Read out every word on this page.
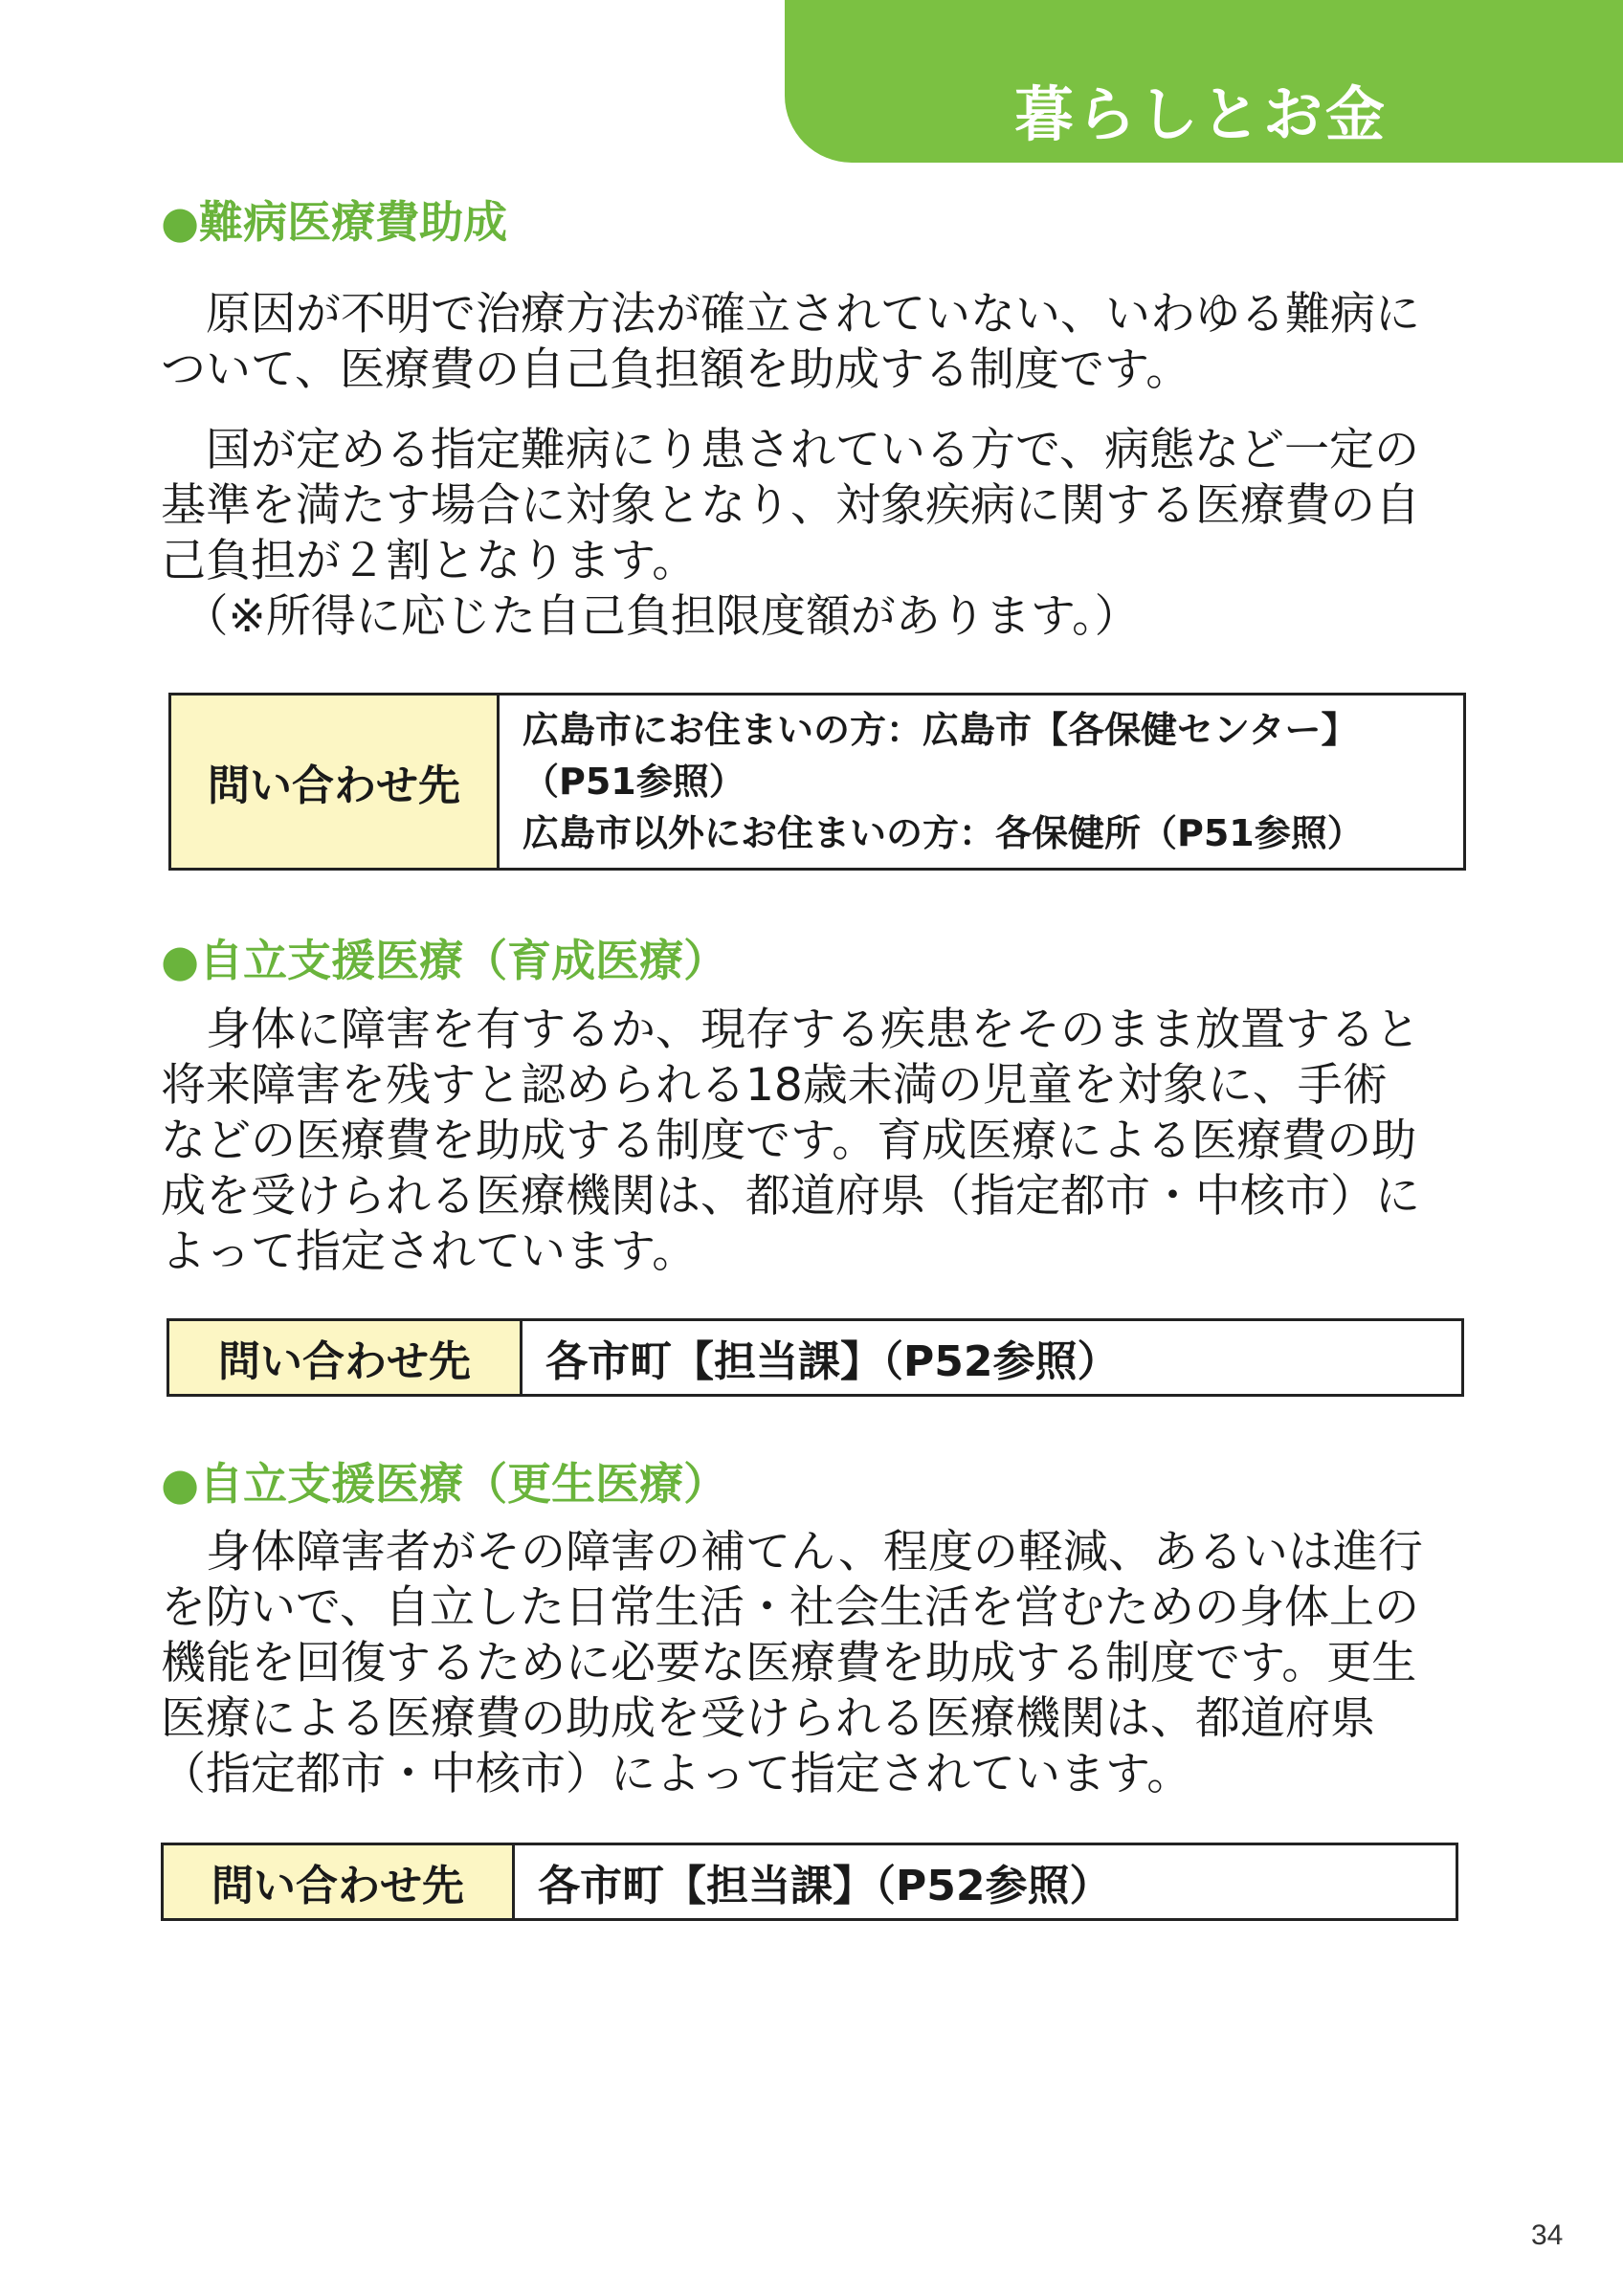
暮らしとお金
●難病医療費助成
　原因が不明で治療方法が確立されていない、いわゆる難病に
ついて、医療費の自己負担額を助成する制度です。
　国が定める指定難病にり患されている方で、病態など一定の
基準を満たす場合に対象となり、対象疾病に関する医療費の自
己負担が２割となります。
　（※所得に応じた自己負担限度額があります。）
問い合わせ先
広島市にお住まいの方：広島市【各保健センター】
（P51参照）
広島市以外にお住まいの方：各保健所（P51参照）
●自立支援医療（育成医療）
　身体に障害を有するか、現存する疾患をそのまま放置すると
将来障害を残すと認められる18歳未満の児童を対象に、手術
などの医療費を助成する制度です。育成医療による医療費の助
成を受けられる医療機関は、都道府県（指定都市・中核市）に
よって指定されています。
問い合わせ先	各市町【担当課】（P52参照）
●自立支援医療（更生医療）
　身体障害者がその障害の補てん、程度の軽減、あるいは進行
を防いで、自立した日常生活・社会生活を営むための身体上の
機能を回復するために必要な医療費を助成する制度です。更生
医療による医療費の助成を受けられる医療機関は、都道府県
（指定都市・中核市）によって指定されています。
問い合わせ先	各市町【担当課】（P52参照）
34
